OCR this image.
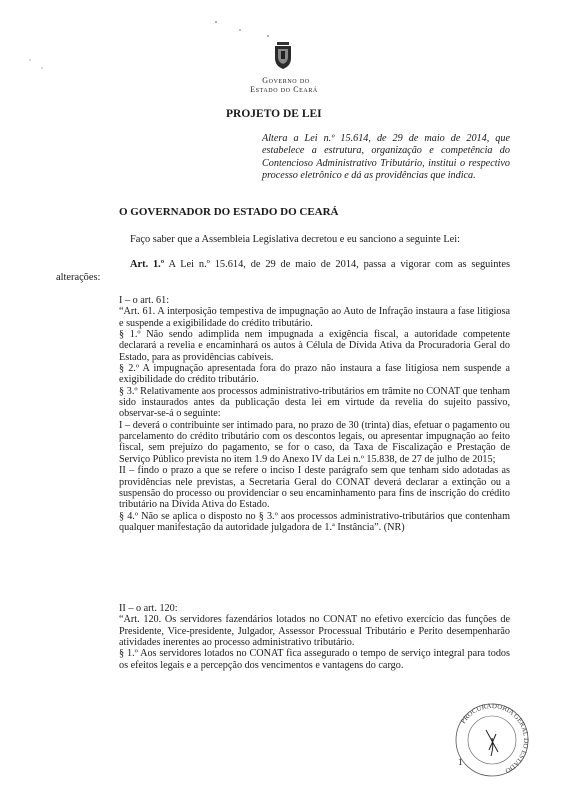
Governo do
Estado do Ceará
PROJETO DE LEI
Altera a Lei n.º 15.614, de 29 de maio de 2014, que estabelece a estrutura, organização e competência do Contencioso Administrativo Tributário, institui o respectivo processo eletrônico e dá as providências que indica.
O GOVERNADOR DO ESTADO DO CEARÁ
Faço saber que a Assembleia Legislativa decretou e eu sanciono a seguinte Lei:
Art. 1.º A Lei n.º 15.614, de 29 de maio de 2014, passa a vigorar com as seguintes alterações:

I – o art. 61:

“Art. 61. A interposição tempestiva de impugnação ao Auto de Infração instaura a fase litigiosa e suspende a exigibilidade do crédito tributário.

§ 1.º Não sendo adimplida nem impugnada a exigência fiscal, a autoridade competente declarará a revelia e encaminhará os autos à Célula de Dívida Ativa da Procuradoria Geral do Estado, para as providências cabíveis.

§ 2.º A impugnação apresentada fora do prazo não instaura a fase litigiosa nem suspende a exigibilidade do crédito tributário.

§ 3.º Relativamente aos processos administrativo-tributários em trâmite no CONAT que tenham sido instaurados antes da publicação desta lei em virtude da revelia do sujeito passivo, observar-se-á o seguinte:

I – deverá o contribuinte ser intimado para, no prazo de 30 (trinta) dias, efetuar o pagamento ou parcelamento do crédito tributário com os descontos legais, ou apresentar impugnação ao feito fiscal, sem prejuízo do pagamento, se for o caso, da Taxa de Fiscalização e Prestação de Serviço Público prevista no item 1.9 do Anexo IV da Lei n.º 15.838, de 27 de julho de 2015;

II – findo o prazo a que se refere o inciso I deste parágrafo sem que tenham sido adotadas as providências nele previstas, a Secretaria Geral do CONAT deverá declarar a extinção ou a suspensão do processo ou providenciar o seu encaminhamento para fins de inscrição do crédito tributário na Dívida Ativa do Estado.

§ 4.º Não se aplica o disposto no § 3.º aos processos administrativo-tributários que contenham qualquer manifestação da autoridade julgadora de 1.ª Instância”. (NR)

II – o art. 120:

“Art. 120. Os servidores fazendários lotados no CONAT no efetivo exercício das funções de Presidente, Vice-presidente, Julgador, Assessor Processual Tributário e Perito desempenharão atividades inerentes ao processo administrativo tributário.

§ 1.º Aos servidores lotados no CONAT fica assegurado o tempo de serviço integral para todos os efeitos legais e a percepção dos vencimentos e vantagens do cargo.

PROCURADORIA GERAL DO ESTADO
1
